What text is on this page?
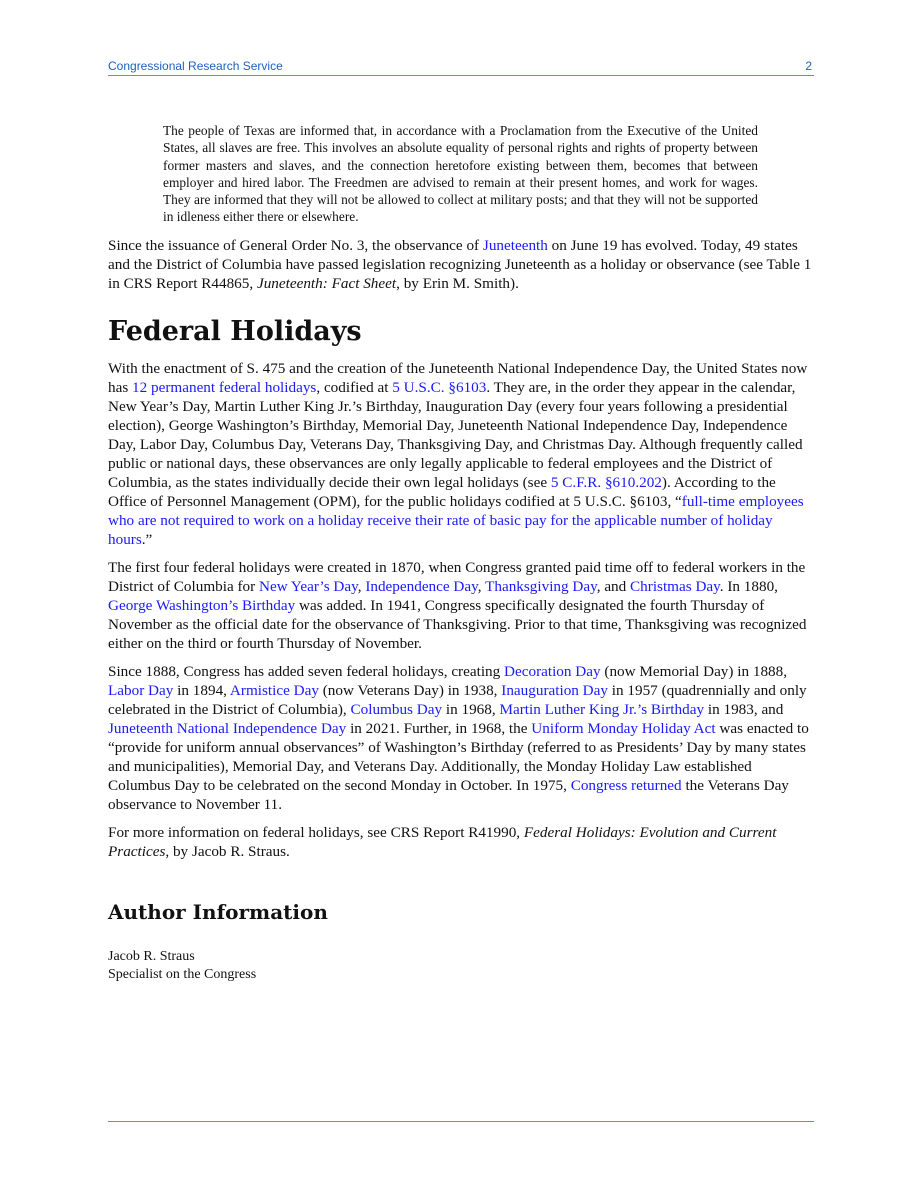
Congressional Research Service	2
The people of Texas are informed that, in accordance with a Proclamation from the Executive of the United States, all slaves are free. This involves an absolute equality of personal rights and rights of property between former masters and slaves, and the connection heretofore existing between them, becomes that between employer and hired labor. The Freedmen are advised to remain at their present homes, and work for wages. They are informed that they will not be allowed to collect at military posts; and that they will not be supported in idleness either there or elsewhere.

Since the issuance of General Order No. 3, the observance of Juneteenth on June 19 has evolved. Today, 49 states and the District of Columbia have passed legislation recognizing Juneteenth as a holiday or observance (see Table 1 in CRS Report R44865, Juneteenth: Fact Sheet, by Erin M. Smith).

Federal Holidays

With the enactment of S. 475 and the creation of the Juneteenth National Independence Day, the United States now has 12 permanent federal holidays, codified at 5 U.S.C. §6103. They are, in the order they appear in the calendar, New Year’s Day, Martin Luther King Jr.’s Birthday, Inauguration Day (every four years following a presidential election), George Washington’s Birthday, Memorial Day, Juneteenth National Independence Day, Independence Day, Labor Day, Columbus Day, Veterans Day, Thanksgiving Day, and Christmas Day. Although frequently called public or national days, these observances are only legally applicable to federal employees and the District of Columbia, as the states individually decide their own legal holidays (see 5 C.F.R. §610.202). According to the Office of Personnel Management (OPM), for the public holidays codified at 5 U.S.C. §6103, “full-time employees who are not required to work on a holiday receive their rate of basic pay for the applicable number of holiday hours.”

The first four federal holidays were created in 1870, when Congress granted paid time off to federal workers in the District of Columbia for New Year’s Day, Independence Day, Thanksgiving Day, and Christmas Day. In 1880, George Washington’s Birthday was added. In 1941, Congress specifically designated the fourth Thursday of November as the official date for the observance of Thanksgiving. Prior to that time, Thanksgiving was recognized either on the third or fourth Thursday of November.

Since 1888, Congress has added seven federal holidays, creating Decoration Day (now Memorial Day) in 1888, Labor Day in 1894, Armistice Day (now Veterans Day) in 1938, Inauguration Day in 1957 (quadrennially and only celebrated in the District of Columbia), Columbus Day in 1968, Martin Luther King Jr.’s Birthday in 1983, and Juneteenth National Independence Day in 2021. Further, in 1968, the Uniform Monday Holiday Act was enacted to “provide for uniform annual observances” of Washington’s Birthday (referred to as Presidents’ Day by many states and municipalities), Memorial Day, and Veterans Day. Additionally, the Monday Holiday Law established Columbus Day to be celebrated on the second Monday in October. In 1975, Congress returned the Veterans Day observance to November 11.

For more information on federal holidays, see CRS Report R41990, Federal Holidays: Evolution and Current Practices, by Jacob R. Straus.

Author Information
Jacob R. Straus
Specialist on the Congress
